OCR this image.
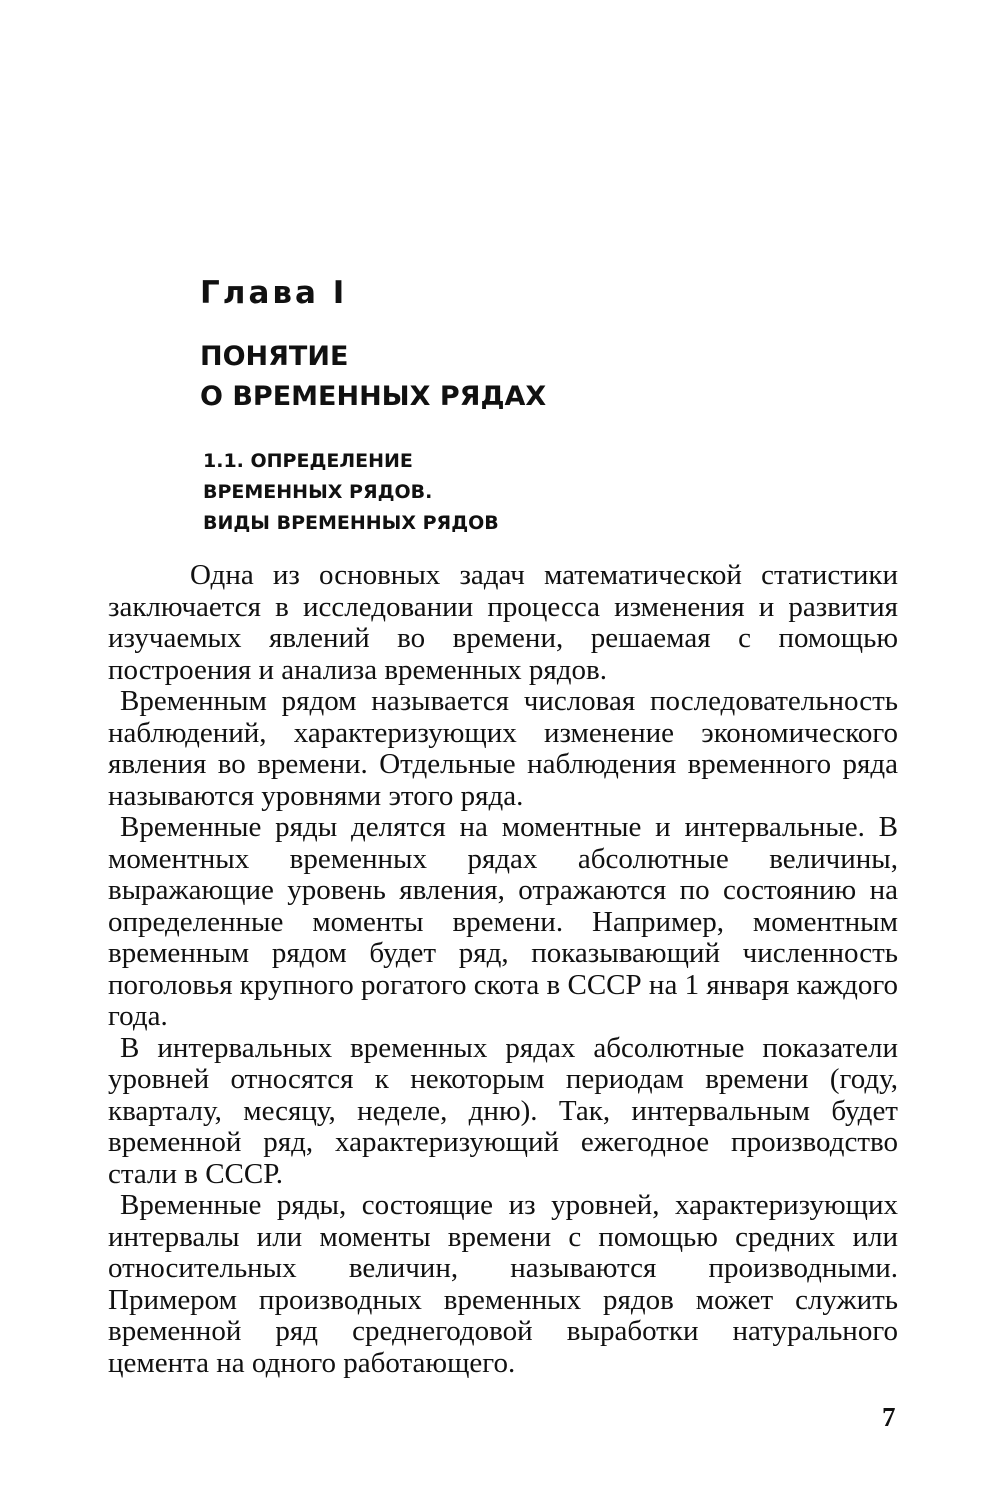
Глава I
ПОНЯТИЕ
О ВРЕМЕННЫХ РЯДАХ
1.1. ОПРЕДЕЛЕНИЕ
ВРЕМЕННЫХ РЯДОВ.
ВИДЫ ВРЕМЕННЫХ РЯДОВ

Одна из основных задач математической статистики заключается в исследовании процесса изменения и развития изучаемых явлений во времени, решаемая с помощью построения и анализа временных рядов.

Временным рядом называется числовая последовательность наблюдений, характеризующих изменение экономического явления во времени. Отдельные наблюдения временного ряда называются уровнями этого ряда.

Временные ряды делятся на моментные и интервальные. В моментных временных рядах абсолютные величины, выражающие уровень явления, отражаются по состоянию на определенные моменты времени. Например, моментным временным рядом будет ряд, показывающий численность поголовья крупного рогатого скота в СССР на 1 января каждого года.

В интервальных временных рядах абсолютные показатели уровней относятся к некоторым периодам времени (году, кварталу, месяцу, неделе, дню). Так, интервальным будет временной ряд, характеризующий ежегодное производство стали в СССР.

Временные ряды, состоящие из уровней, характеризующих интервалы или моменты времени с помощью средних или относительных величин, называются производными. Примером производных временных рядов может служить временной ряд среднегодовой выработки натурального цемента на одного работающего.

7
